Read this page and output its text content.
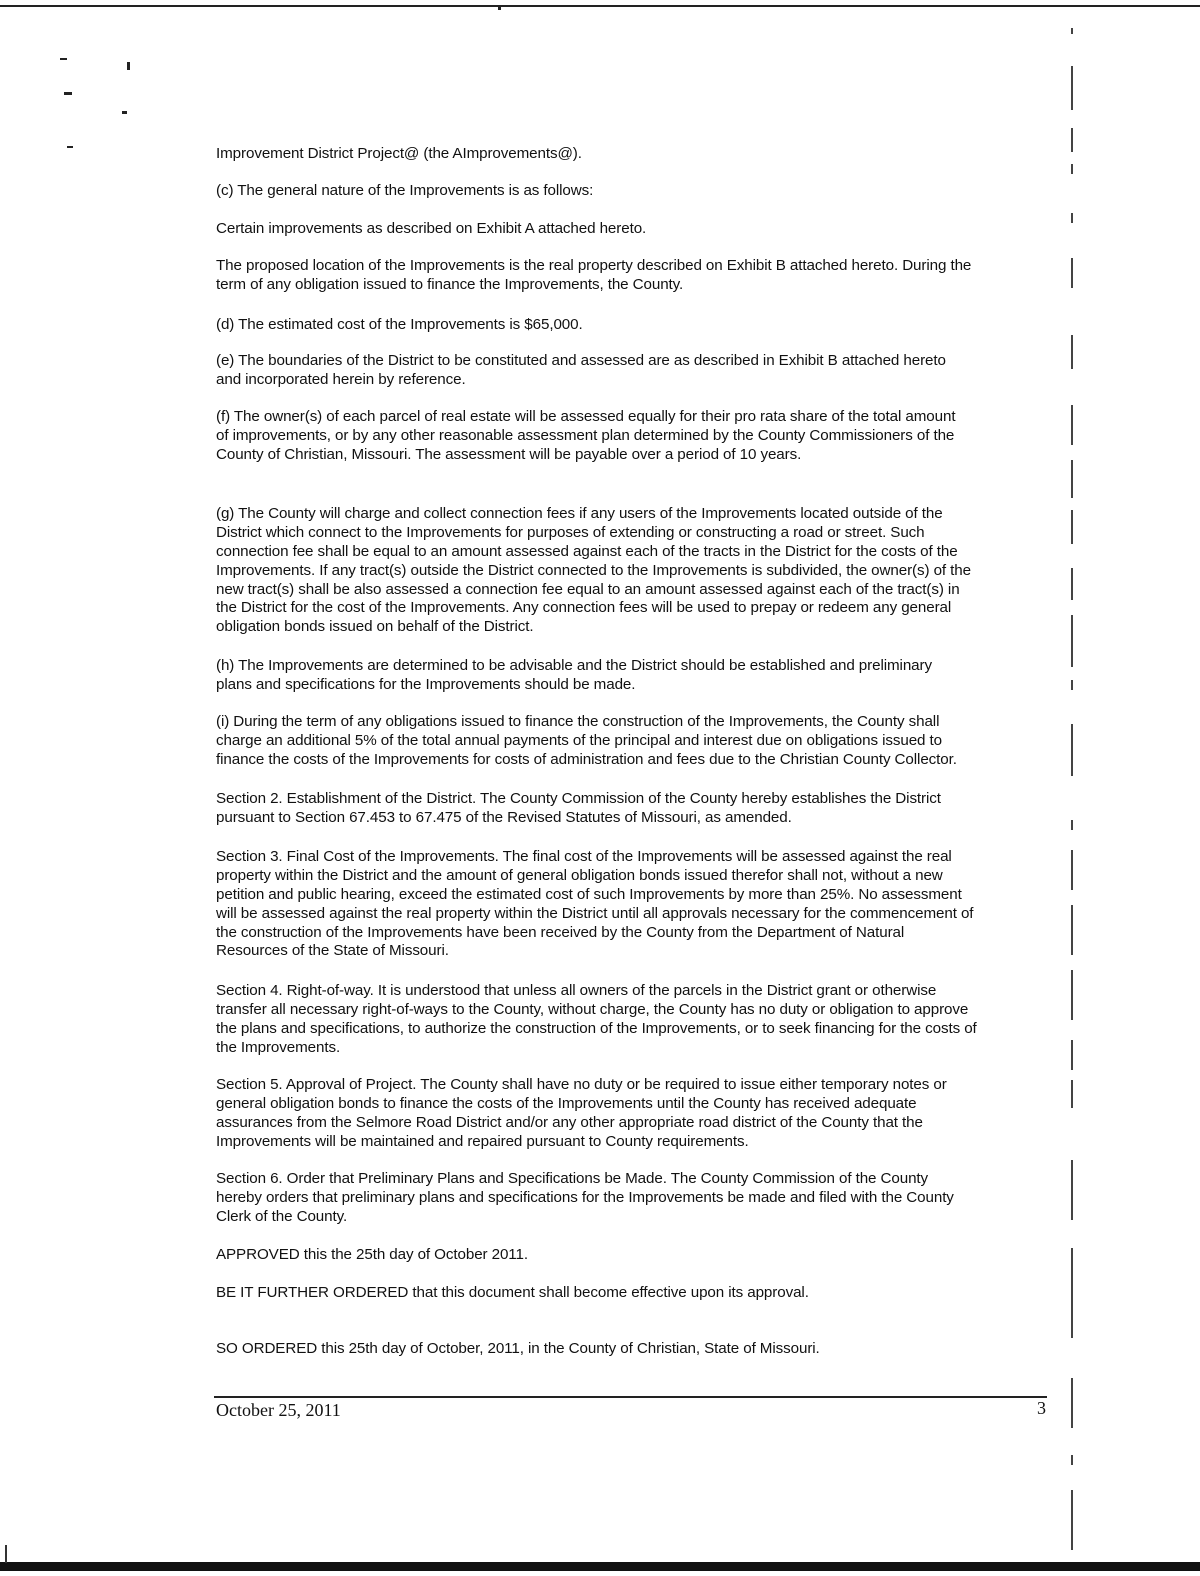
Improvement District Project@ (the AImprovements@).
(c) The general nature of the Improvements is as follows:
Certain improvements as described on Exhibit A attached hereto.
The proposed location of the Improvements is the real property described on Exhibit B attached hereto. During the
term of any obligation issued to finance the Improvements, the County.
(d) The estimated cost of the Improvements is $65,000.
(e) The boundaries of the District to be constituted and assessed are as described in Exhibit B attached hereto
and incorporated herein by reference.
(f) The owner(s) of each parcel of real estate will be assessed equally for their pro rata share of the total amount
of improvements, or by any other reasonable assessment plan determined by the County Commissioners of the
County of Christian, Missouri. The assessment will be payable over a period of 10 years.
(g) The County will charge and collect connection fees if any users of the Improvements located outside of the
District which connect to the Improvements for purposes of extending or constructing a road or street. Such
connection fee shall be equal to an amount assessed against each of the tracts in the District for the costs of the
Improvements. If any tract(s) outside the District connected to the Improvements is subdivided, the owner(s) of the
new tract(s) shall be also assessed a connection fee equal to an amount assessed against each of the tract(s) in
the District for the cost of the Improvements. Any connection fees will be used to prepay or redeem any general
obligation bonds issued on behalf of the District.
(h) The Improvements are determined to be advisable and the District should be established and preliminary
plans and specifications for the Improvements should be made.
(i) During the term of any obligations issued to finance the construction of the Improvements, the County shall
charge an additional 5% of the total annual payments of the principal and interest due on obligations issued to
finance the costs of the Improvements for costs of administration and fees due to the Christian County Collector.
Section 2. Establishment of the District. The County Commission of the County hereby establishes the District
pursuant to Section 67.453 to 67.475 of the Revised Statutes of Missouri, as amended.
Section 3. Final Cost of the Improvements. The final cost of the Improvements will be assessed against the real
property within the District and the amount of general obligation bonds issued therefor shall not, without a new
petition and public hearing, exceed the estimated cost of such Improvements by more than 25%. No assessment
will be assessed against the real property within the District until all approvals necessary for the commencement of
the construction of the Improvements have been received by the County from the Department of Natural
Resources of the State of Missouri.
Section 4. Right-of-way. It is understood that unless all owners of the parcels in the District grant or otherwise
transfer all necessary right-of-ways to the County, without charge, the County has no duty or obligation to approve
the plans and specifications, to authorize the construction of the Improvements, or to seek financing for the costs of
the Improvements.
Section 5. Approval of Project. The County shall have no duty or be required to issue either temporary notes or
general obligation bonds to finance the costs of the Improvements until the County has received adequate
assurances from the Selmore Road District and/or any other appropriate road district of the County that the
Improvements will be maintained and repaired pursuant to County requirements.
Section 6. Order that Preliminary Plans and Specifications be Made. The County Commission of the County
hereby orders that preliminary plans and specifications for the Improvements be made and filed with the County
Clerk of the County.
APPROVED this the 25th day of October 2011.
BE IT FURTHER ORDERED that this document shall become effective upon its approval.
SO ORDERED this 25th day of October, 2011, in the County of Christian, State of Missouri.
October 25, 2011	3
